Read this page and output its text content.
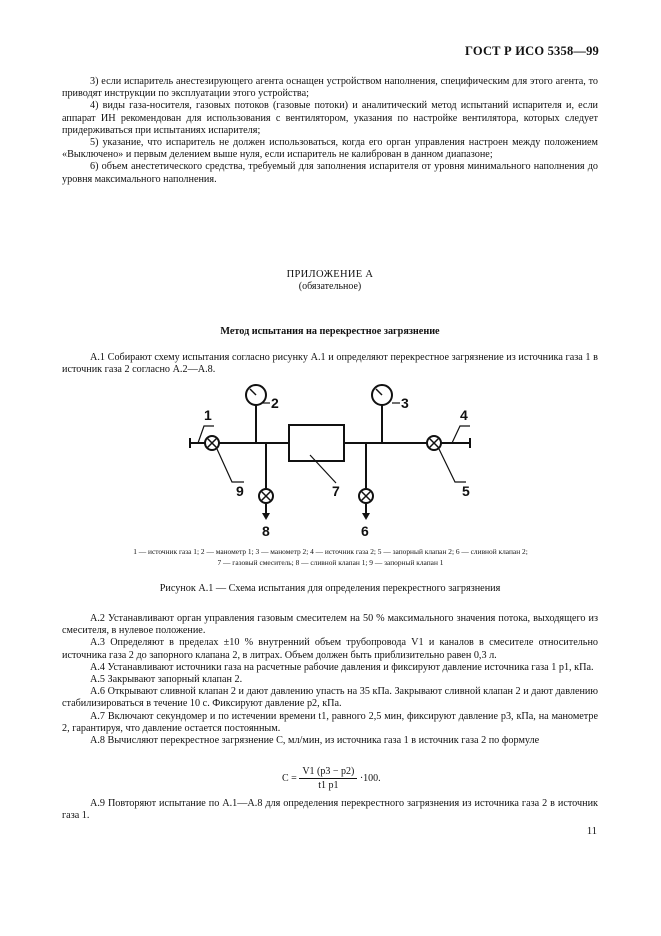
ГОСТ Р ИСО 5358—99

3) если испаритель анестезирующего агента оснащен устройством наполнения, специфическим для этого агента, то приводят инструкции по эксплуатации этого устройства;

4) виды газа-носителя, газовых потоков (газовые потоки) и аналитический метод испытаний испарителя и, если аппарат ИН рекомендован для использования с вентилятором, указания по настройке вентилятора, которых следует придерживаться при испытаниях испарителя;

5) указание, что испаритель не должен использоваться, когда его орган управления настроен между положением «Выключено» и первым делением выше нуля, если испаритель не калиброван в данном диапазоне;

6) объем анестетического средства, требуемый для заполнения испарителя от уровня минимального наполнения до уровня максимального наполнения.

ПРИЛОЖЕНИЕ А
(обязательное)
Метод испытания на перекрестное загрязнение

А.1 Собирают схему испытания согласно рисунку А.1 и определяют перекрестное загрязнение из источника газа 1 в источник газа 2 согласно А.2—А.8.

1
2	3
4
5
6
7
8
9
1 — источник газа 1; 2 — манометр 1; 3 — манометр 2; 4 — источник газа 2; 5 — запорный клапан 2; 6 — сливной клапан 2;
7 — газовый смеситель; 8 — сливной клапан 1; 9 — запорный клапан 1
Рисунок А.1 — Схема испытания для определения перекрестного загрязнения

А.2 Устанавливают орган управления газовым смесителем на 50 % максимального значения потока, выходящего из смесителя, в нулевое положение.

А.3 Определяют в пределах ±10 % внутренний объем трубопровода V1 и каналов в смесителе относительно источника газа 2 до запорного клапана 2, в литрах. Объем должен быть приблизительно равен 0,3 л.

А.4 Устанавливают источники газа на расчетные рабочие давления и фиксируют давление источника газа 1 p1, кПа.

А.5 Закрывают запорный клапан 2.

А.6 Открывают сливной клапан 2 и дают давлению упасть на 35 кПа. Закрывают сливной клапан 2 и дают давлению стабилизироваться в течение 10 с. Фиксируют давление p2, кПа.

А.7 Включают секундомер и по истечении времени t1, равного 2,5 мин, фиксируют давление p3, кПа, на манометре 2, гарантируя, что давление остается постоянным.

А.8 Вычисляют перекрестное загрязнение C, мл/мин, из источника газа 1 в источник газа 2 по формуле

$C = \frac{V1 (p3 - p2)}{t1 p1} \cdot 100$.

А.9 Повторяют испытание по А.1—А.8 для определения перекрестного загрязнения из источника газа 2 в источник газа 1.

11
